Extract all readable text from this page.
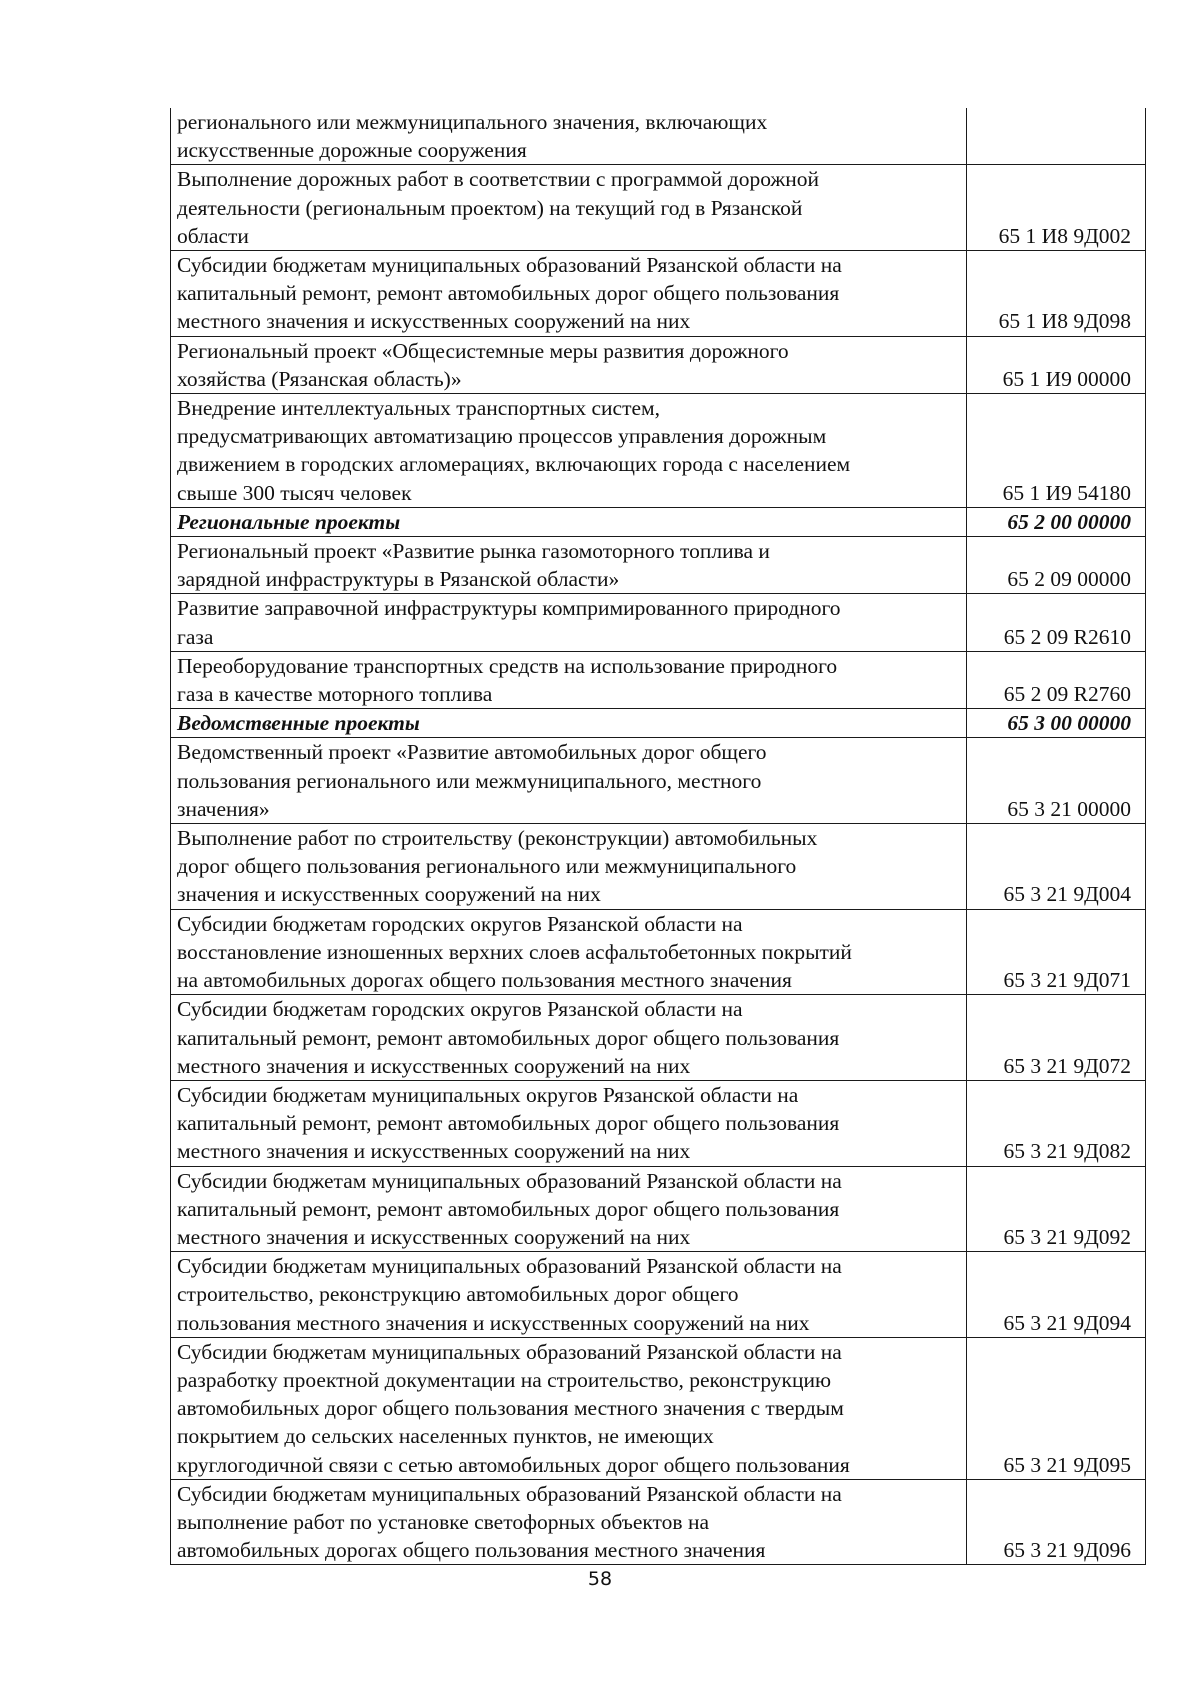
регионального или межмуниципального значения, включающих
искусственные дорожные сооружения	

Выполнение дорожных работ в соответствии с программой дорожной
деятельности (региональным проектом) на текущий год в Рязанской
области	65 1 И8 9Д002

Субсидии бюджетам муниципальных образований Рязанской области на
капитальный ремонт, ремонт автомобильных дорог общего пользования
местного значения и искусственных сооружений на них	65 1 И8 9Д098

Региональный проект «Общесистемные меры развития дорожного
хозяйства (Рязанская область)»	65 1 И9 00000

Внедрение интеллектуальных транспортных систем,
предусматривающих автоматизацию процессов управления дорожным
движением в городских агломерациях, включающих города с населением
свыше 300 тысяч человек	65 1 И9 54180

Региональные проекты	65 2 00 00000

Региональный проект «Развитие рынка газомоторного топлива и
зарядной инфраструктуры в Рязанской области»	65 2 09 00000

Развитие заправочной инфраструктуры компримированного природного
газа	65 2 09 R2610

Переоборудование транспортных средств на использование природного
газа в качестве моторного топлива	65 2 09 R2760

Ведомственные проекты	65 3 00 00000

Ведомственный проект «Развитие автомобильных дорог общего
пользования регионального или межмуниципального, местного
значения»	65 3 21 00000

Выполнение работ по строительству (реконструкции) автомобильных
дорог общего пользования регионального или межмуниципального
значения и искусственных сооружений на них	65 3 21 9Д004

Субсидии бюджетам городских округов Рязанской области на
восстановление изношенных верхних слоев асфальтобетонных покрытий
на автомобильных дорогах общего пользования местного значения	65 3 21 9Д071

Субсидии бюджетам городских округов Рязанской области на
капитальный ремонт, ремонт автомобильных дорог общего пользования
местного значения и искусственных сооружений на них	65 3 21 9Д072

Субсидии бюджетам муниципальных округов Рязанской области на
капитальный ремонт, ремонт автомобильных дорог общего пользования
местного значения и искусственных сооружений на них	65 3 21 9Д082

Субсидии бюджетам муниципальных образований Рязанской области на
капитальный ремонт, ремонт автомобильных дорог общего пользования
местного значения и искусственных сооружений на них	65 3 21 9Д092

Субсидии бюджетам муниципальных образований Рязанской области на
строительство, реконструкцию автомобильных дорог общего
пользования местного значения и искусственных сооружений на них	65 3 21 9Д094

Субсидии бюджетам муниципальных образований Рязанской области на
разработку проектной документации на строительство, реконструкцию
автомобильных дорог общего пользования местного значения с твердым
покрытием до сельских населенных пунктов, не имеющих
круглогодичной связи с сетью автомобильных дорог общего пользования	65 3 21 9Д095

Субсидии бюджетам муниципальных образований Рязанской области на
выполнение работ по установке светофорных объектов на
автомобильных дорогах общего пользования местного значения	65 3 21 9Д096
58
